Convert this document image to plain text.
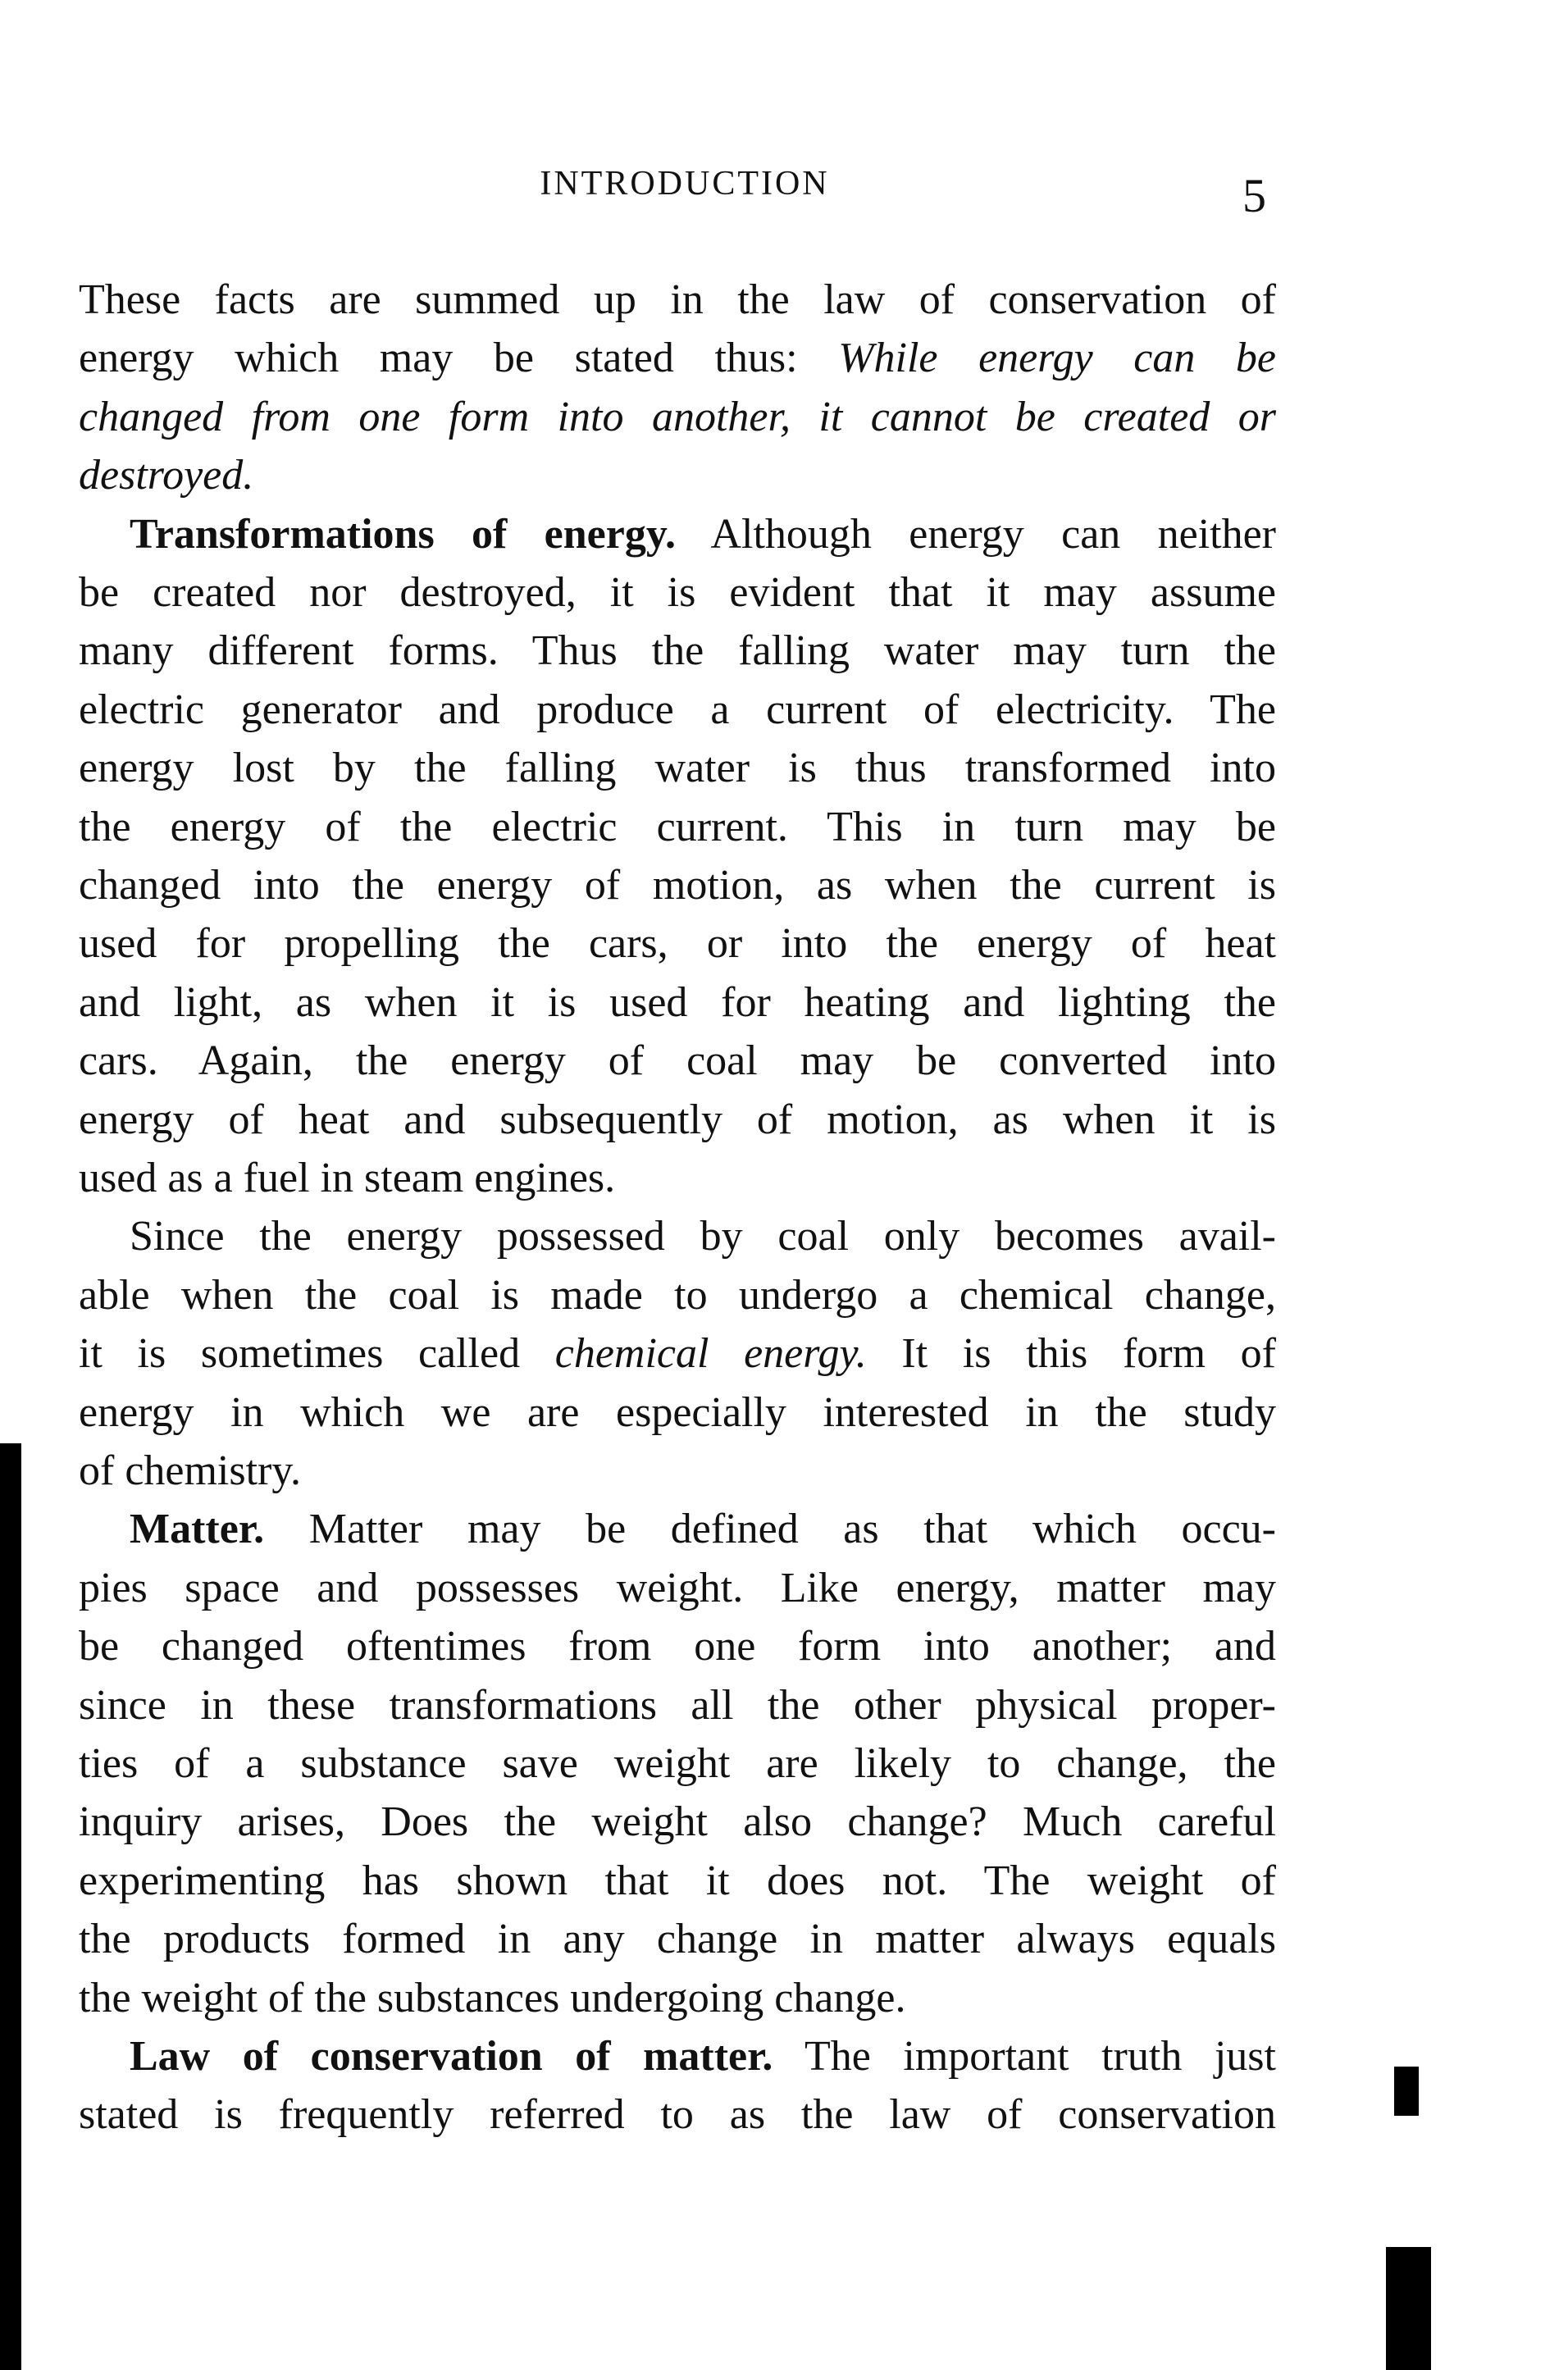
INTRODUCTION	5
These facts are summed up in the law of conservation of
energy which may be stated thus: While energy can be
changed from one form into another, it cannot be created or
destroyed.
Transformations of energy. Although energy can neither
be created nor destroyed, it is evident that it may assume
many different forms. Thus the falling water may turn the
electric generator and produce a current of electricity. The
energy lost by the falling water is thus transformed into
the energy of the electric current. This in turn may be
changed into the energy of motion, as when the current is
used for propelling the cars, or into the energy of heat
and light, as when it is used for heating and lighting the
cars. Again, the energy of coal may be converted into
energy of heat and subsequently of motion, as when it is
used as a fuel in steam engines.
Since the energy possessed by coal only becomes avail-
able when the coal is made to undergo a chemical change,
it is sometimes called chemical energy. It is this form of
energy in which we are especially interested in the study
of chemistry.
Matter. Matter may be defined as that which occu-
pies space and possesses weight. Like energy, matter may
be changed oftentimes from one form into another; and
since in these transformations all the other physical proper-
ties of a substance save weight are likely to change, the
inquiry arises, Does the weight also change? Much careful
experimenting has shown that it does not. The weight of
the products formed in any change in matter always equals
the weight of the substances undergoing change.
Law of conservation of matter. The important truth just
stated is frequently referred to as the law of conservation
